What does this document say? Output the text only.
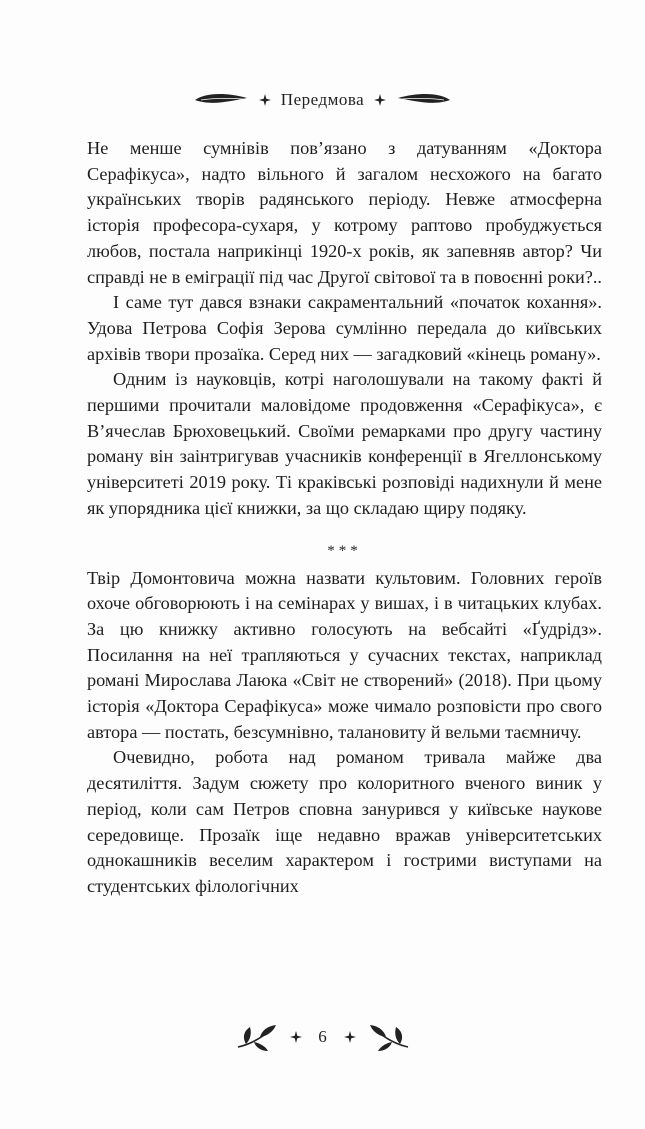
Передмова

Не менше сумнівів пов’язано з датуванням «Доктора Серафікуса», надто вільного й загалом несхожого на багато українських творів радянського періоду. Невже атмосферна історія професора-сухаря, у котрому раптово пробуджується любов, постала наприкінці 1920-х років, як запевняв автор? Чи справді не в еміграції під час Другої світової та в повоєнні роки?..

І саме тут дався взнаки сакраментальний «початок кохання». Удова Петрова Софія Зерова сумлінно передала до київських архівів твори прозаїка. Серед них — загадковий «кінець роману».

Одним із науковців, котрі наголошували на такому факті й першими прочитали маловідоме продовження «Серафікуса», є В’ячеслав Брюховецький. Своїми ремарками про другу частину роману він заінтригував учасників конференції в Ягеллонському університеті 2019 року. Ті краківські розповіді надихнули й мене як упорядника цієї книжки, за що складаю щиру подяку.

***

Твір Домонтовича можна назвати культовим. Головних героїв охоче обговорюють і на семінарах у вишах, і в читацьких клубах. За цю книжку активно голосують на вебсайті «Ґудрідз». Посилання на неї трапляються у сучасних текстах, наприклад романі Мирослава Лаюка «Світ не створений» (2018). При цьому історія «Доктора Серафікуса» може чимало розповісти про свого автора — постать, безсумнівно, талановиту й вельми таємничу.

Очевидно, робота над романом тривала майже два десятиліття. Задум сюжету про колоритного вченого виник у період, коли сам Петров сповна занурився у київське наукове середовище. Прозаїк іще недавно вражав університетських однокашників веселим характером і гострими виступами на студентських філологічних

6
